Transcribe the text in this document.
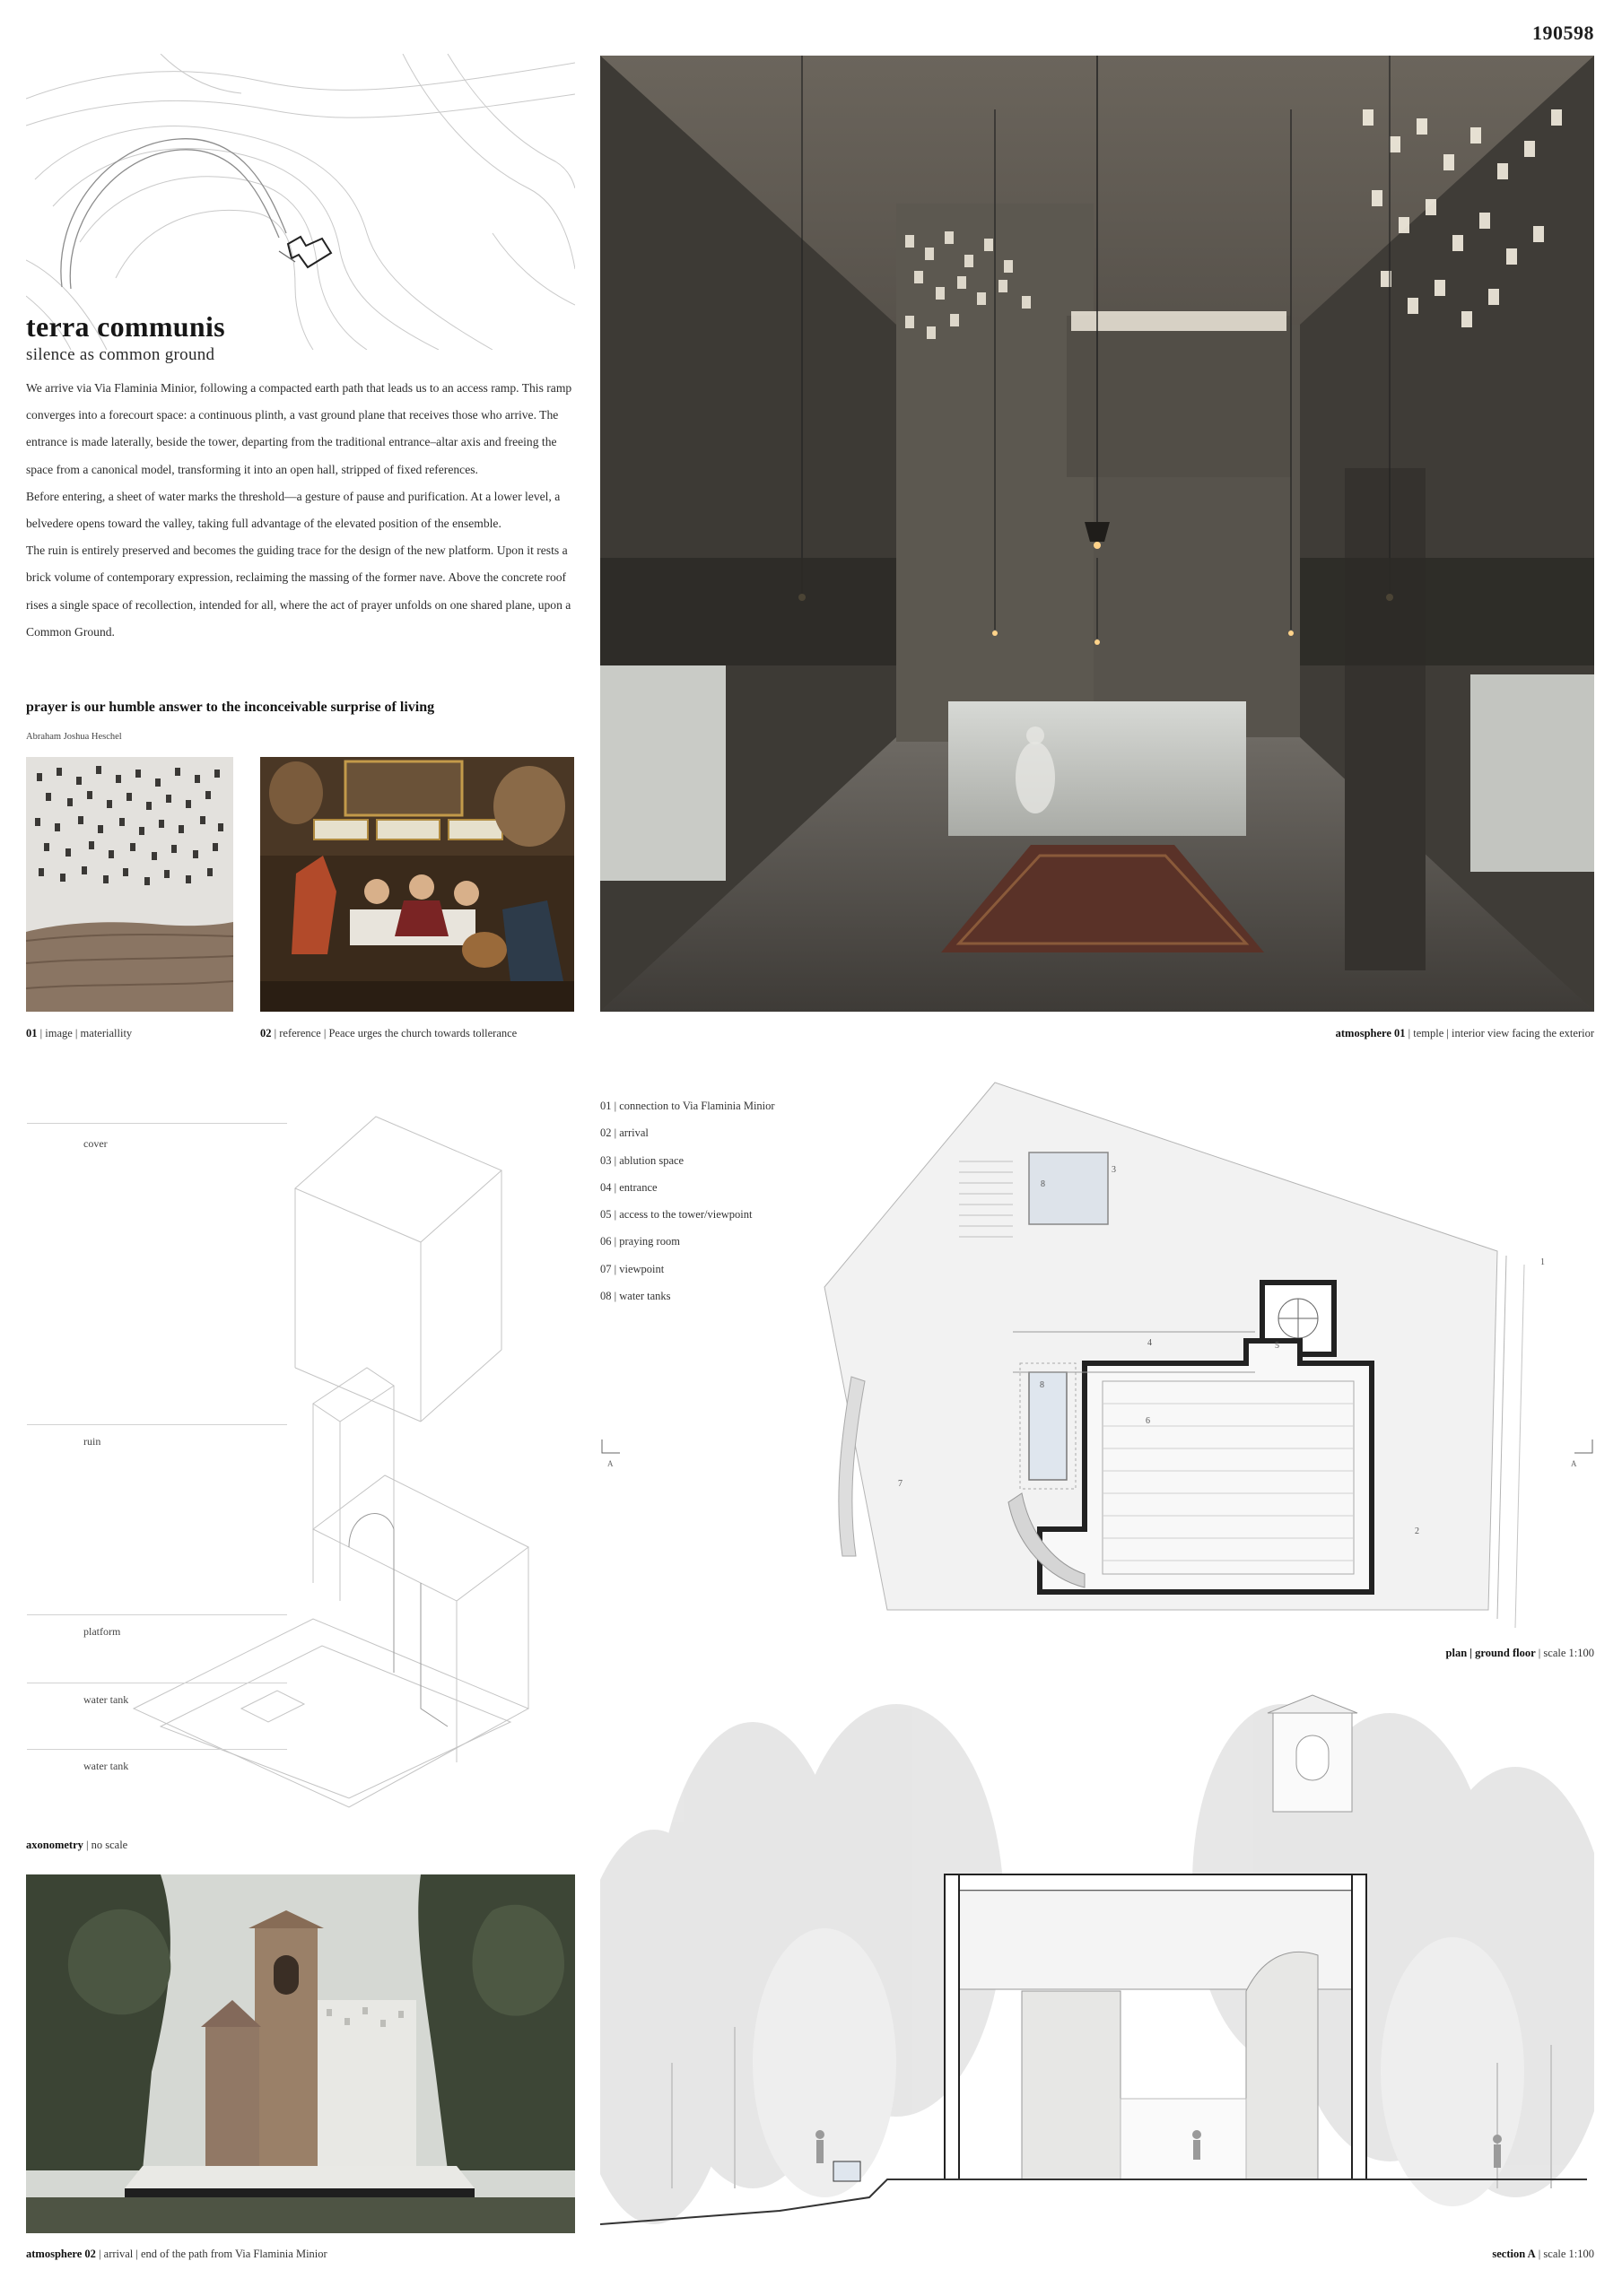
190598
terra communis
silence as common ground

We arrive via Via Flaminia Minior, following a compacted earth path that leads us to an access ramp. This ramp converges into a forecourt space: a continuous plinth, a vast ground plane that receives those who arrive. The entrance is made laterally, beside the tower, departing from the traditional entrance–altar axis and freeing the space from a canonical model, transforming it into an open hall, stripped of fixed references.

Before entering, a sheet of water marks the threshold—a gesture of pause and purification. At a lower level, a belvedere opens toward the valley, taking full advantage of the elevated position of the ensemble.

The ruin is entirely preserved and becomes the guiding trace for the design of the new platform. Upon it rests a brick volume of contemporary expression, reclaiming the massing of the former nave. Above the concrete roof rises a single space of recollection, intended for all, where the act of prayer unfolds on one shared plane, upon a Common Ground.

prayer is our humble answer to the inconceivable surprise of living
Abraham Joshua Heschel
01 | image | materiallity	02 | reference | Peace urges the church towards tollerance	atmosphere 01 | temple | interior view facing the exterior
cover
ruin
platform
water tank
water tank
axonometry | no scale
01 | connection to Via Flaminia Minior
02 | arrival
03 | ablution space
04 | entrance
05 | access to the tower/viewpoint
06 | praying room
07 | viewpoint
08 | water tanks
1
2
3
4	5
6
7
8
8
A	A
plan | ground floor | scale 1:100
atmosphere 02 | arrival | end of the path from Via Flaminia Minior	section A | scale 1:100
